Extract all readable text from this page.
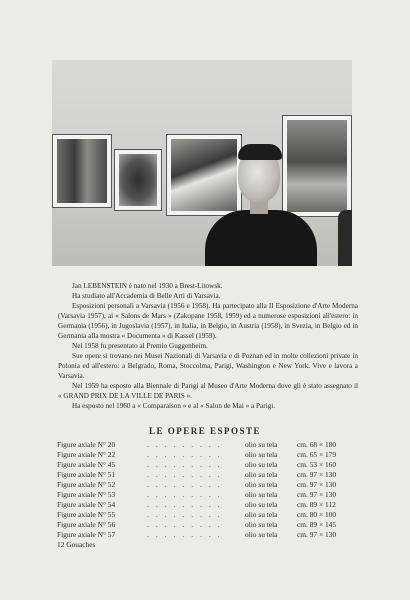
Jan LEBENSTEIN è nato nel 1930 a Brest-Litowsk.

Ha studiato all'Accademia di Belle Arti di Varsavia.

Esposizioni personali a Varsavia (1956 e 1958). Ha partecipato alla II Esposizione d'Arte Moderna (Varsavia 1957), ai « Salons de Mars » (Zakopane 1958, 1959) ed a numerose esposizioni all'estero: in Germania (1956), in Jugoslavia (1957), in Italia, in Belgio, in Austria (1958), in Svezia, in Belgio ed in Germania alla mostra « Documenta » di Kassel (1959).

Nel 1958 fu presentato al Premio Guggenheim.

Sue opere si trovano nei Musei Nazionali di Varsavia e di Poznan ed in molte collezioni private in Polonia ed all'estero: a Belgrado, Roma, Stoccolma, Parigi, Washington e New York. Vive e lavora a Varsavia.

Nel 1959 ha esposto alla Biennale di Parigi al Museo d'Arte Moderna dove gli è stato assegnato il « GRAND PRIX DE LA VILLE DE PARIS ».

Ha esposto nel 1960 a « Comparaison » e al « Salon de Mai » a Parigi.

LE OPERE ESPOSTE
Figure axiale N° 20	.........	olio su tela	cm. 68 × 180
Figure axiale N° 22	.........	olio su tela	cm. 65 × 179
Figure axiale N° 45	.........	olio su tela	cm. 53 × 160
Figure axiale N° 51	.........	olio su tela	cm. 97 × 130
Figure axiale N° 52	.........	olio su tela	cm. 97 × 130
Figure axiale N° 53	.........	olio su tela	cm. 97 × 130
Figure axiale N° 54	.........	olio su tela	cm. 89 × 112
Figure axiale N° 55	.........	olio su tela	cm. 80 × 100
Figure axiale N° 56	.........	olio su tela	cm. 89 × 145
Figure axiale N° 57	.........	olio su tela	cm. 97 × 130
12 Gouaches
